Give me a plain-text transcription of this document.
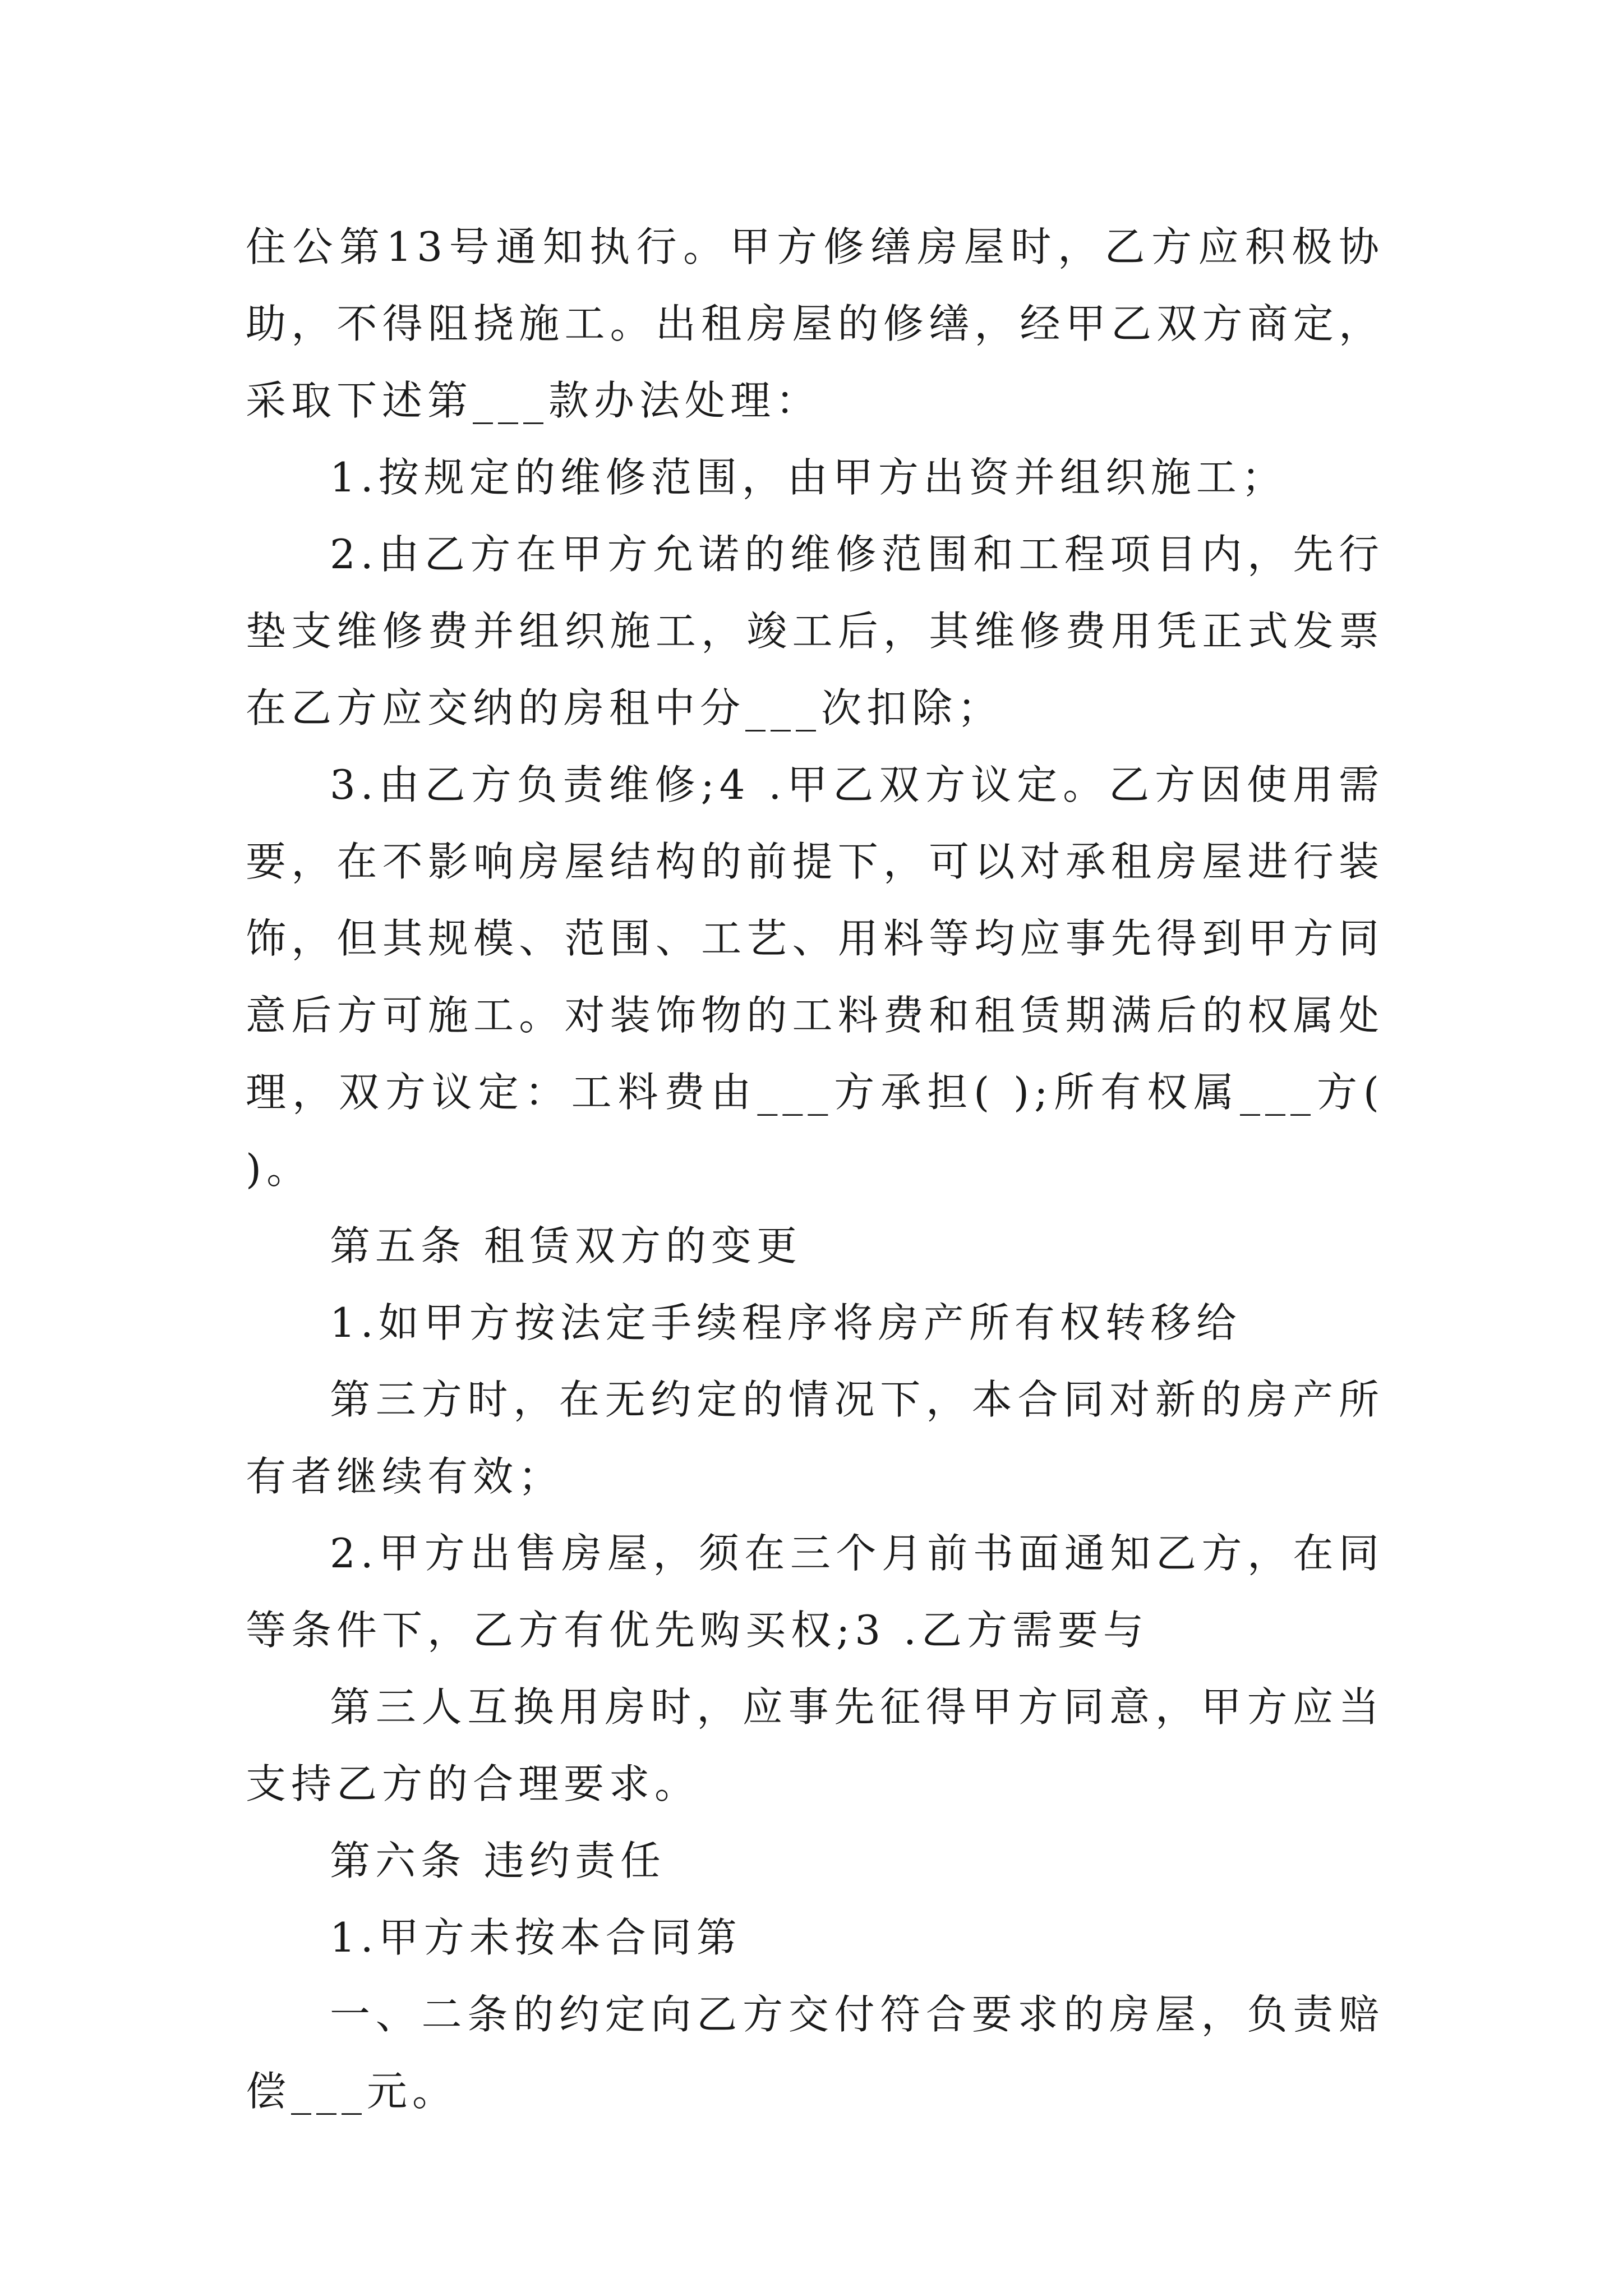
住公第13号通知执行。甲方修缮房屋时，乙方应积极协助，不得阻挠施工。出租房屋的修缮，经甲乙双方商定，采取下述第___款办法处理：

1.按规定的维修范围，由甲方出资并组织施工；

2.由乙方在甲方允诺的维修范围和工程项目内，先行垫支维修费并组织施工，竣工后，其维修费用凭正式发票在乙方应交纳的房租中分___次扣除；

3.由乙方负责维修;4 .甲乙双方议定。乙方因使用需要，在不影响房屋结构的前提下，可以对承租房屋进行装饰，但其规模、范围、工艺、用料等均应事先得到甲方同意后方可施工。对装饰物的工料费和租赁期满后的权属处理，双方议定：工料费由___方承担( );所有权属___方( )。

第五条 租赁双方的变更

1.如甲方按法定手续程序将房产所有权转移给

第三方时，在无约定的情况下，本合同对新的房产所有者继续有效；

2.甲方出售房屋，须在三个月前书面通知乙方，在同等条件下，乙方有优先购买权;3 .乙方需要与

第三人互换用房时，应事先征得甲方同意，甲方应当支持乙方的合理要求。

第六条 违约责任

1.甲方未按本合同第

一、二条的约定向乙方交付符合要求的房屋，负责赔偿___元。
